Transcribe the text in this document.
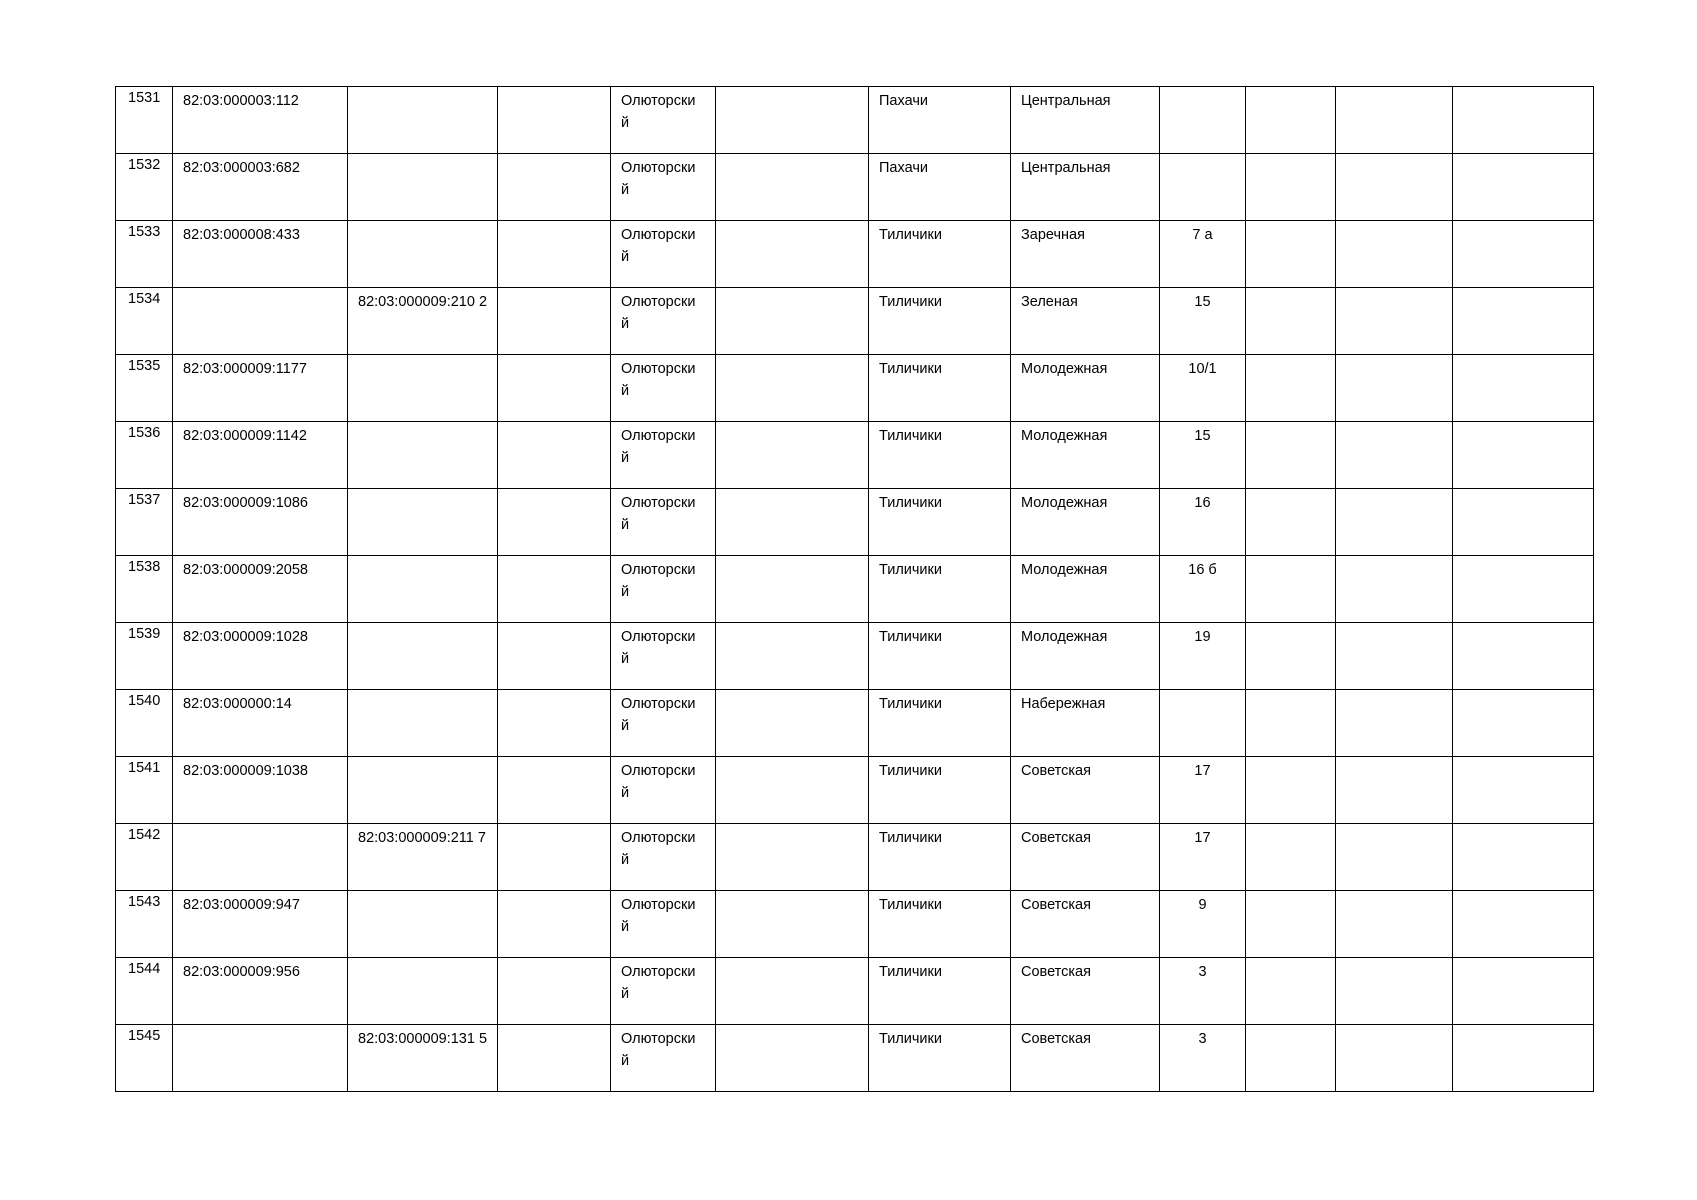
1531	82:03:000003:112			Олюторски й		Пахачи	Центральная				

1532	82:03:000003:682			Олюторски й		Пахачи	Центральная				

1533	82:03:000008:433			Олюторски й		Тиличики	Заречная	7 а			

1534		82:03:000009:210 2		Олюторски й		Тиличики	Зеленая	15			

1535	82:03:000009:1177			Олюторски й		Тиличики	Молодежная	10/1			

1536	82:03:000009:1142			Олюторски й		Тиличики	Молодежная	15			

1537	82:03:000009:1086			Олюторски й		Тиличики	Молодежная	16			

1538	82:03:000009:2058			Олюторски й		Тиличики	Молодежная	16 б			

1539	82:03:000009:1028			Олюторски й		Тиличики	Молодежная	19			

1540	82:03:000000:14			Олюторски й		Тиличики	Набережная				

1541	82:03:000009:1038			Олюторски й		Тиличики	Советская	17			

1542		82:03:000009:211 7		Олюторски й		Тиличики	Советская	17			

1543	82:03:000009:947			Олюторски й		Тиличики	Советская	9			

1544	82:03:000009:956			Олюторски й		Тиличики	Советская	3			

1545		82:03:000009:131 5		Олюторски й		Тиличики	Советская	3			
